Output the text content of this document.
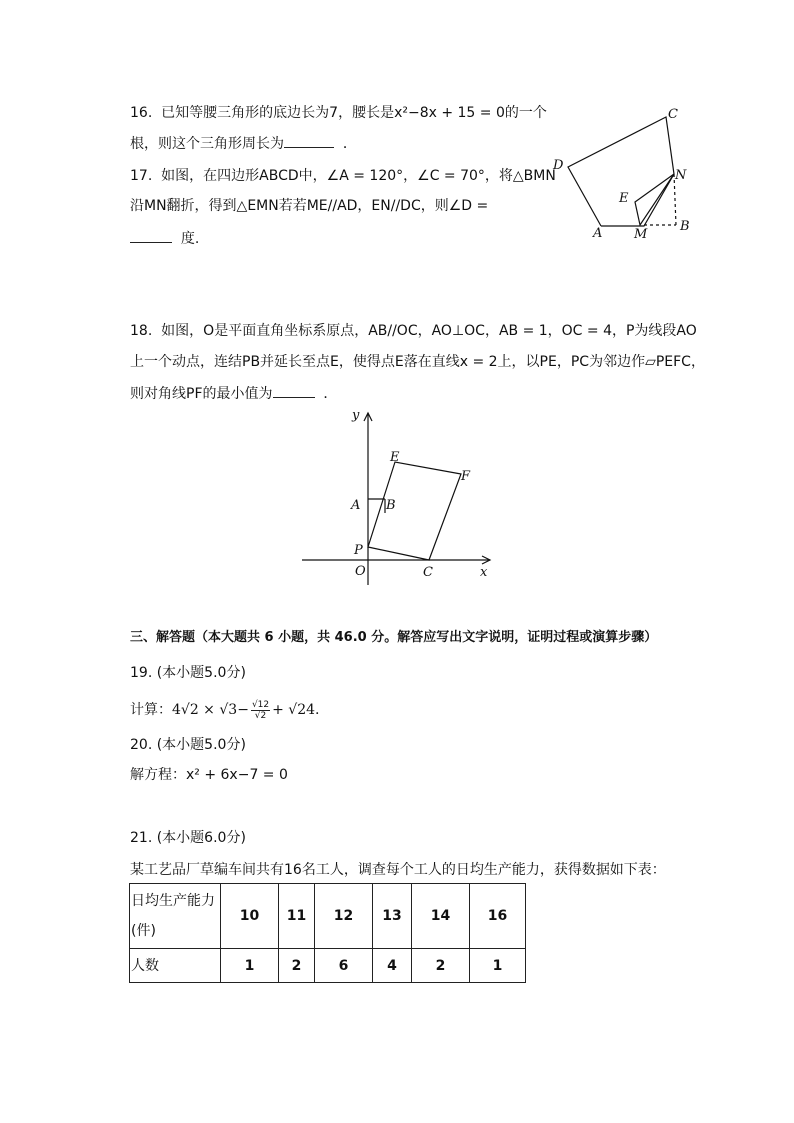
16. 已知等腰三角形的底边长为7，腰长是x²−8x + 15 = 0的一个
根，则这个三角形周长为	．
17. 如图，在四边形ABCD中，∠A = 120°，∠C = 70°，将△BMN
沿MN翻折，得到△EMN若若ME//AD，EN//DC，则∠D =
度.
C
D
N
E
A M
B
18. 如图，O是平面直角坐标系原点，AB//OC，AO⊥OC，AB = 1，OC = 4，P为线段AO
上一个动点，连结PB并延长至点E，使得点E落在直线x = 2上，以PE，PC为邻边作▱PEFC，
则对角线PF的最小值为	．
y
E
F
A B
P
O	C	x
三、解答题（本大题共 6 小题，共 46.0 分。解答应写出文字说明，证明过程或演算步骤）
19. (本小题5.0分)
计算：$4√2 \times √3- \frac{√12}{√2} + √24$.
20. (本小题5.0分)
解方程：x² + 6x−7 = 0
21. (本小题6.0分)
某工艺品厂草编车间共有16名工人，调查每个工人的日均生产能力，获得数据如下表：
日均生产能力
(件)	10	11	12	13	14	16
人数	1	2	6	4	2	1
